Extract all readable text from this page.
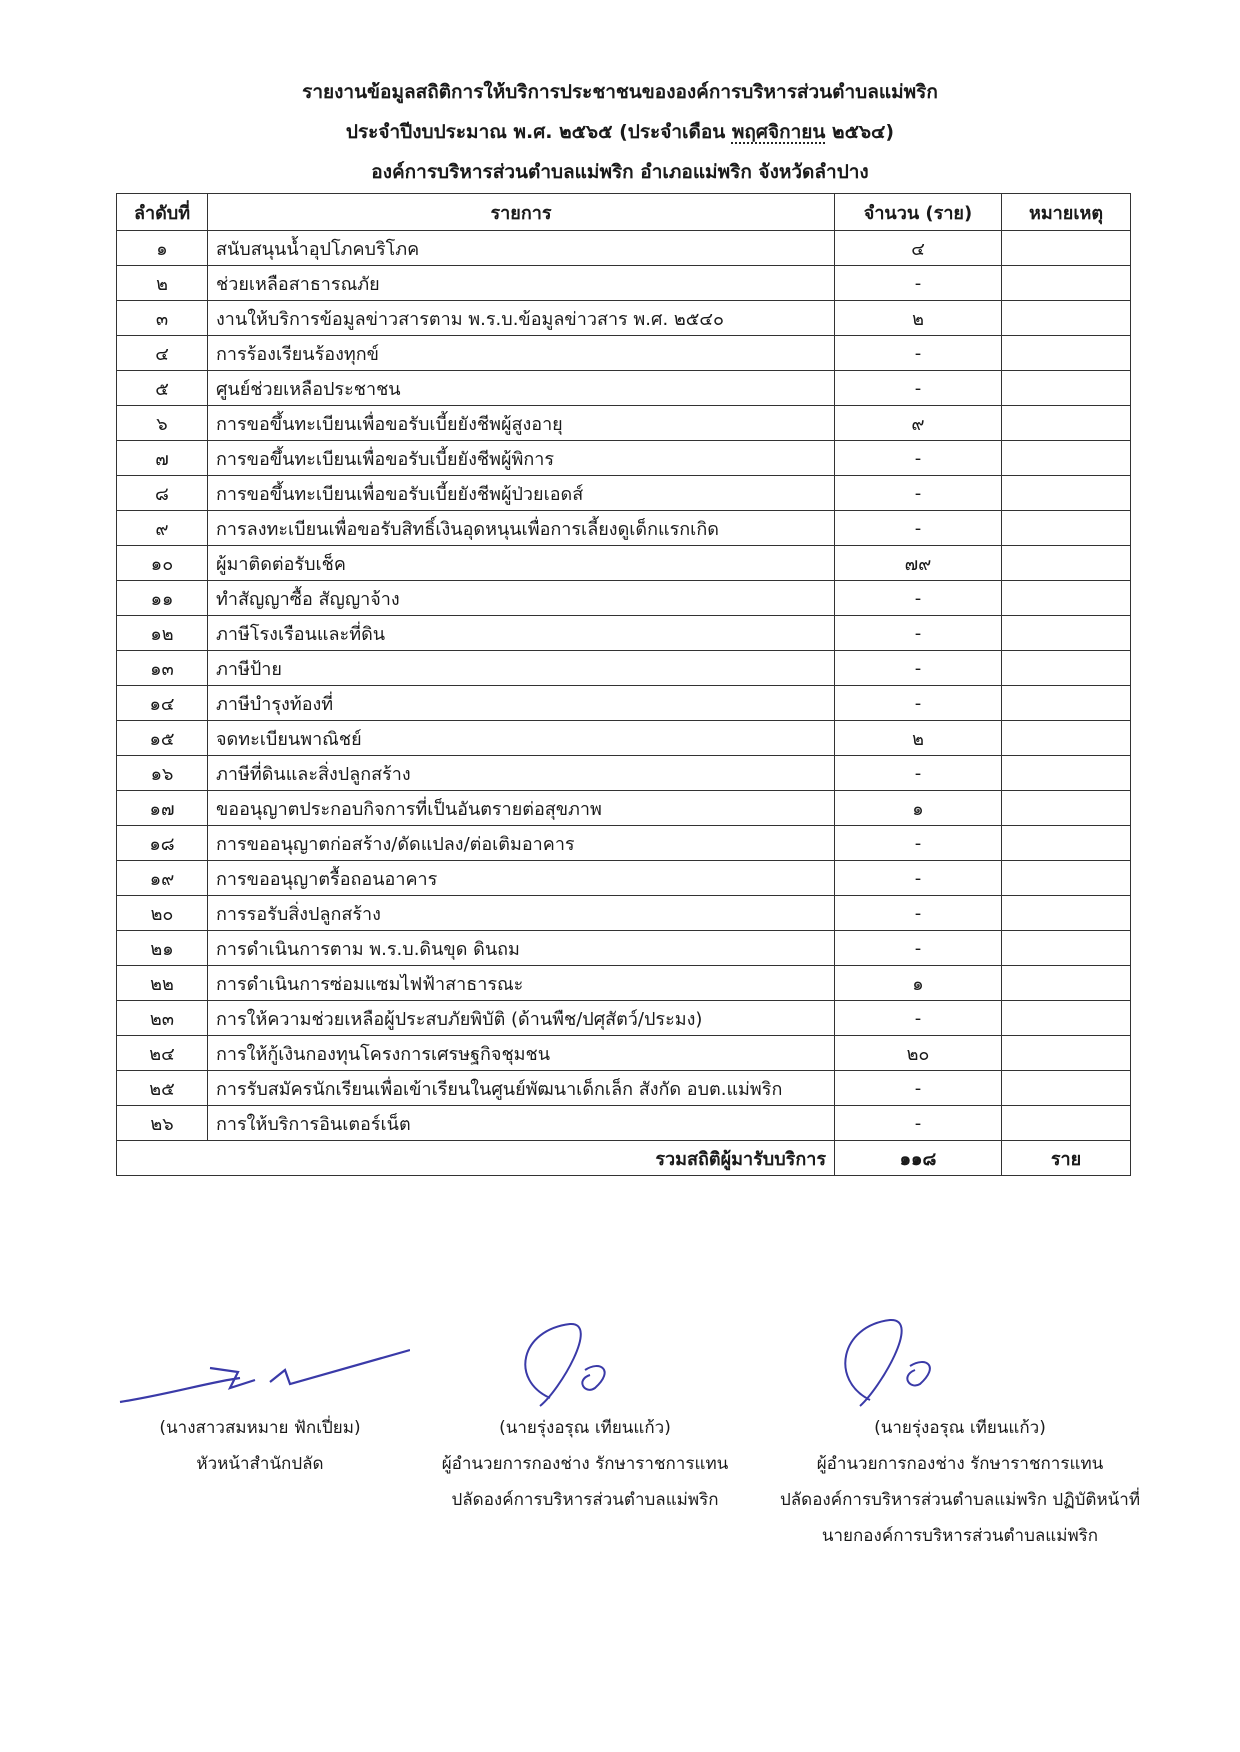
รายงานข้อมูลสถิติการให้บริการประชาชนขององค์การบริหารส่วนตำบลแม่พริก
ประจำปีงบประมาณ พ.ศ. ๒๕๖๕ (ประจำเดือน พฤศจิกายน ๒๕๖๔)
องค์การบริหารส่วนตำบลแม่พริก อำเภอแม่พริก จังหวัดลำปาง
ลำดับที่	รายการ	จำนวน (ราย)	หมายเหตุ
๑	สนับสนุนน้ำอุปโภคบริโภค	๔	
๒	ช่วยเหลือสาธารณภัย	-	
๓	งานให้บริการข้อมูลข่าวสารตาม พ.ร.บ.ข้อมูลข่าวสาร พ.ศ. ๒๕๔๐	๒	
๔	การร้องเรียนร้องทุกข์	-	
๕	ศูนย์ช่วยเหลือประชาชน	-	
๖	การขอขึ้นทะเบียนเพื่อขอรับเบี้ยยังชีพผู้สูงอายุ	๙	
๗	การขอขึ้นทะเบียนเพื่อขอรับเบี้ยยังชีพผู้พิการ	-	
๘	การขอขึ้นทะเบียนเพื่อขอรับเบี้ยยังชีพผู้ป่วยเอดส์	-	
๙	การลงทะเบียนเพื่อขอรับสิทธิ์เงินอุดหนุนเพื่อการเลี้ยงดูเด็กแรกเกิด	-	
๑๐	ผู้มาติดต่อรับเช็ค	๗๙	
๑๑	ทำสัญญาซื้อ สัญญาจ้าง	-	
๑๒	ภาษีโรงเรือนและที่ดิน	-	
๑๓	ภาษีป้าย	-	
๑๔	ภาษีบำรุงท้องที่	-	
๑๕	จดทะเบียนพาณิชย์	๒	
๑๖	ภาษีที่ดินและสิ่งปลูกสร้าง	-	
๑๗	ขออนุญาตประกอบกิจการที่เป็นอันตรายต่อสุขภาพ	๑	
๑๘	การขออนุญาตก่อสร้าง/ดัดแปลง/ต่อเติมอาคาร	-	
๑๙	การขออนุญาตรื้อถอนอาคาร	-	
๒๐	การรอรับสิ่งปลูกสร้าง	-	
๒๑	การดำเนินการตาม พ.ร.บ.ดินขุด ดินถม	-	
๒๒	การดำเนินการซ่อมแซมไฟฟ้าสาธารณะ	๑	
๒๓	การให้ความช่วยเหลือผู้ประสบภัยพิบัติ (ด้านพืช/ปศุสัตว์/ประมง)	-	
๒๔	การให้กู้เงินกองทุนโครงการเศรษฐกิจชุมชน	๒๐	
๒๕	การรับสมัครนักเรียนเพื่อเข้าเรียนในศูนย์พัฒนาเด็กเล็ก สังกัด อบต.แม่พริก	-	
๒๖	การให้บริการอินเตอร์เน็ต	-	
รวมสถิติผู้มารับบริการ		๑๑๘	ราย
(นางสาวสมหมาย ฟักเปี่ยม)
หัวหน้าสำนักปลัด
(นายรุ่งอรุณ เทียนแก้ว)
ผู้อำนวยการกองช่าง รักษาราชการแทน
ปลัดองค์การบริหารส่วนตำบลแม่พริก
(นายรุ่งอรุณ เทียนแก้ว)
ผู้อำนวยการกองช่าง รักษาราชการแทน
ปลัดองค์การบริหารส่วนตำบลแม่พริก ปฏิบัติหน้าที่
นายกองค์การบริหารส่วนตำบลแม่พริก
